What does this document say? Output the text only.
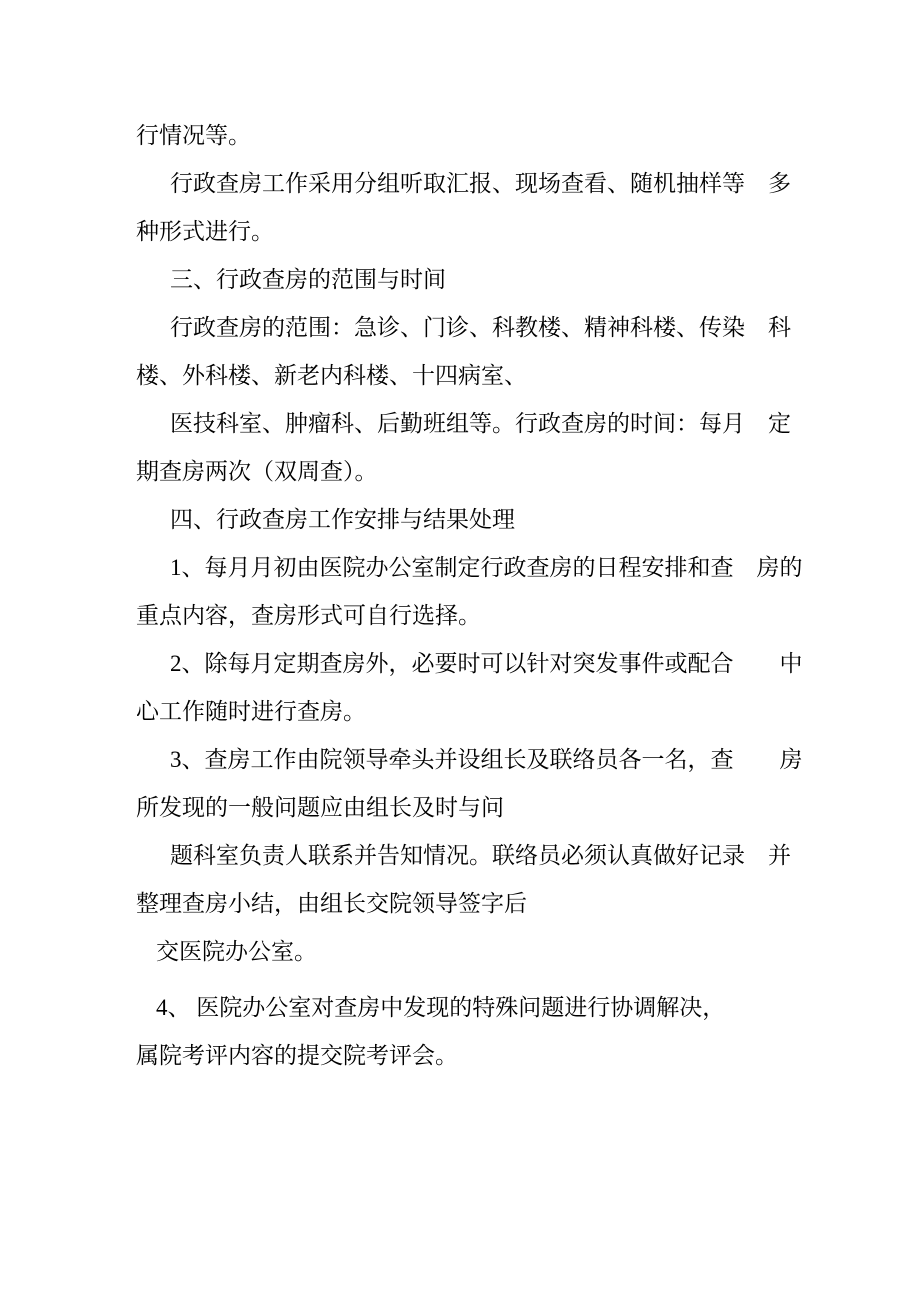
行情况等。
行政查房工作采用分组听取汇报、现场查看、随机抽样等　多
种形式进行。
三、行政查房的范围与时间
行政查房的范围：急诊、门诊、科教楼、精神科楼、传染　科
楼、外科楼、新老内科楼、十四病室、
医技科室、肿瘤科、后勤班组等。行政查房的时间：每月　定
期查房两次（双周查）。
四、行政查房工作安排与结果处理
1、每月月初由医院办公室制定行政查房的日程安排和查　房的
重点内容，查房形式可自行选择。
2、除每月定期查房外，必要时可以针对突发事件或配合　　中
心工作随时进行查房。
3、查房工作由院领导牵头并设组长及联络员各一名，查　　房
所发现的一般问题应由组长及时与问
题科室负责人联系并告知情况。联络员必须认真做好记录　并
整理查房小结，由组长交院领导签字后
交医院办公室。
4、 医院办公室对查房中发现的特殊问题进行协调解决，
属院考评内容的提交院考评会。
